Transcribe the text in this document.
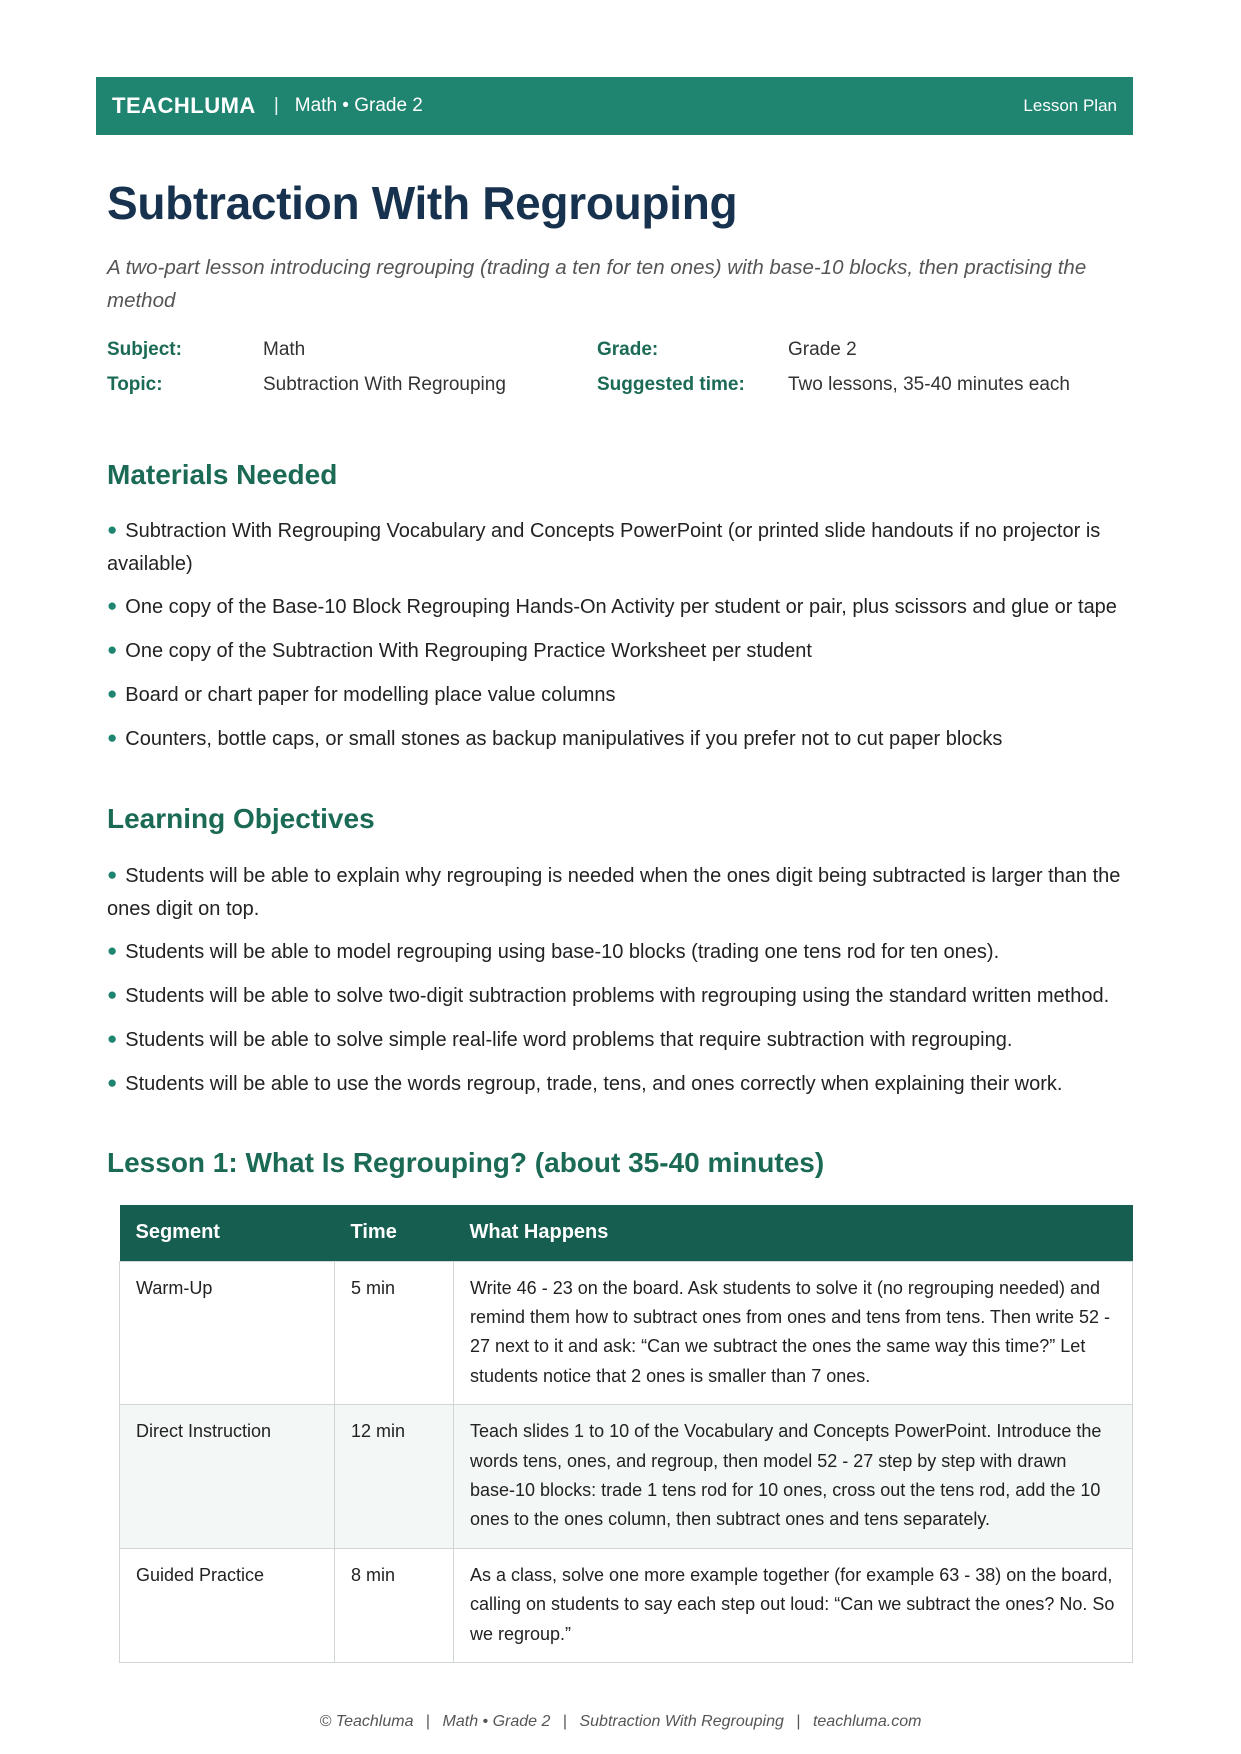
TEACHLUMA | Math • Grade 2	Lesson Plan
Subtraction With Regrouping

A two-part lesson introducing regrouping (trading a ten for ten ones) with base-10 blocks, then practising the method

Subject:	Math	Grade:	Grade 2
Topic:	Subtraction With Regrouping	Suggested time: Two lessons, 35-40 minutes each
Materials Needed
● Subtraction With Regrouping Vocabulary and Concepts PowerPoint (or printed slide handouts if no projector is available)
● One copy of the Base-10 Block Regrouping Hands-On Activity per student or pair, plus scissors and glue or tape
● One copy of the Subtraction With Regrouping Practice Worksheet per student
● Board or chart paper for modelling place value columns
● Counters, bottle caps, or small stones as backup manipulatives if you prefer not to cut paper blocks
Learning Objectives
● Students will be able to explain why regrouping is needed when the ones digit being subtracted is larger than the ones digit on top.
● Students will be able to model regrouping using base-10 blocks (trading one tens rod for ten ones).
● Students will be able to solve two-digit subtraction problems with regrouping using the standard written method.
● Students will be able to solve simple real-life word problems that require subtraction with regrouping.
● Students will be able to use the words regroup, trade, tens, and ones correctly when explaining their work.
Lesson 1: What Is Regrouping? (about 35-40 minutes)
Segment	Time	What Happens
Warm-Up	5 min	Write 46 - 23 on the board. Ask students to solve it (no regrouping needed) and remind them how to subtract ones from ones and tens from tens. Then write 52 - 27 next to it and ask: “Can we subtract the ones the same way this time?” Let students notice that 2 ones is smaller than 7 ones.
Direct Instruction	12 min	Teach slides 1 to 10 of the Vocabulary and Concepts PowerPoint. Introduce the words tens, ones, and regroup, then model 52 - 27 step by step with drawn base-10 blocks: trade 1 tens rod for 10 ones, cross out the tens rod, add the 10 ones to the ones column, then subtract ones and tens separately.
Guided Practice	8 min	As a class, solve one more example together (for example 63 - 38) on the board, calling on students to say each step out loud: “Can we subtract the ones? No. So we regroup.”
© Teachluma | Math • Grade 2 | Subtraction With Regrouping | teachluma.com
